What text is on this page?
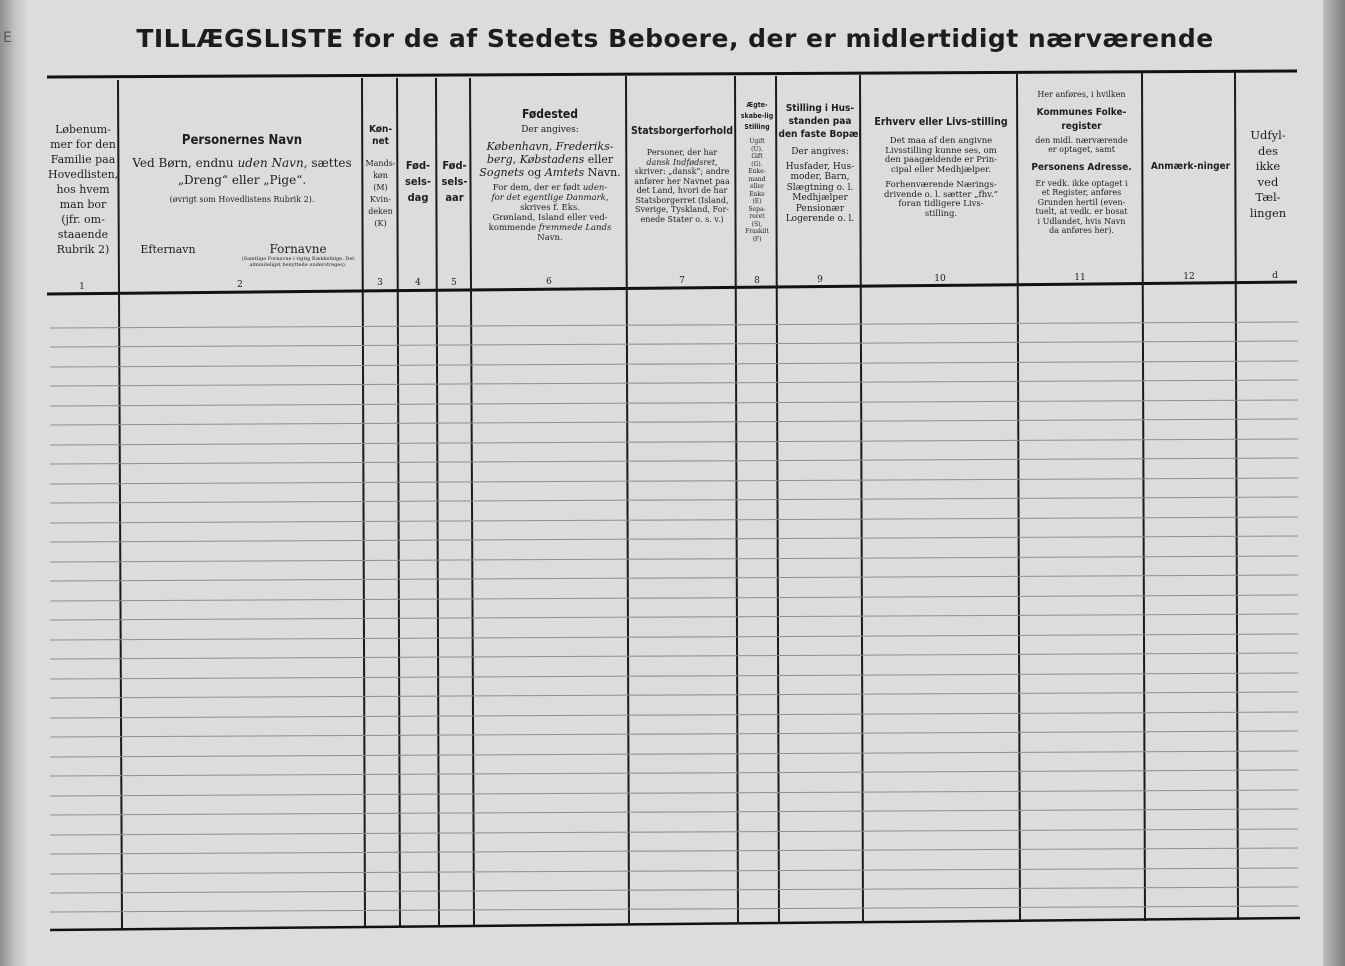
TILLÆGSLISTE for de af Stedets Beboere, der er midlertidigt nærværende
Løbenum-
mer for den
Familie paa
Hovedlisten,
hos hvem
man bor
(jfr. om-
staaende
Rubrik 2)
Personernes Navn
Ved Børn, endnu uden Navn, sættes
„Dreng“ eller „Pige“.
(øvrigt som Hovedlistens Rubrik 2).
Efternavn	Fornavne
(Samtlige Fornavne i rigtig Rækkefølge. Det almindeligst benyttede understreges).
Køn-net
Mands-
køn
(M)
Kvin-
deken
(K)
Fød-sels-dag
Fød-sels-aar
Fødested
Der angives:
København, Frederiks-
berg, Købstadens eller
Sognets og Amtets Navn.
For dem, der er født uden-
for det egentlige Danmark,
skrives f. Eks.
Grønland, Island eller ved-
kommende fremmede Lands
Navn.
Statsborgerforhold
Personer, der har
dansk Indfødsret,
skriver: „dansk“; andre
anfører her Navnet paa
det Land, hvori de har
Statsborgerret (Island,
Sverige, Tyskland, For-
enede Stater o. s. v.)
Ægte-skabe-lig Stilling
Ugift
(U).
Gift
(G).
Enke-
mand
eller
Enke
(E)
Sepa-
reret
(S),
Fraskilt
(F)
Stilling i Hus-standen paa den faste Bopæl
Der angives:
Husfader, Hus-
moder, Barn,
Slægtning o. l.
Medhjælper
Pensionær
Logerende o. l.
Erhverv eller Livs-stilling
Det maa af den angivne
Livsstilling kunne ses, om
den paagældende er Prin-
cipal eller Medhjælper.
Forhenværende Nærings-
drivende o. l. sætter „fhv.“
foran tidligere Livs-
stilling.
Her anføres, i hvilken
Kommunes Folke-register
den midl. nærværende
er optaget, samt
Personens Adresse.
Er vedk. ikke optaget i
et Register, anføres
Grunden hertil (even-
tuelt, at vedk. er bosat
i Udlandet, hvis Navn
da anføres her).
Anmærk-ninger
Udfyl-
des
ikke
ved
Tæl-
lingen
1	2	3	4	5	6	7	8	9	10	11	12	d
E
